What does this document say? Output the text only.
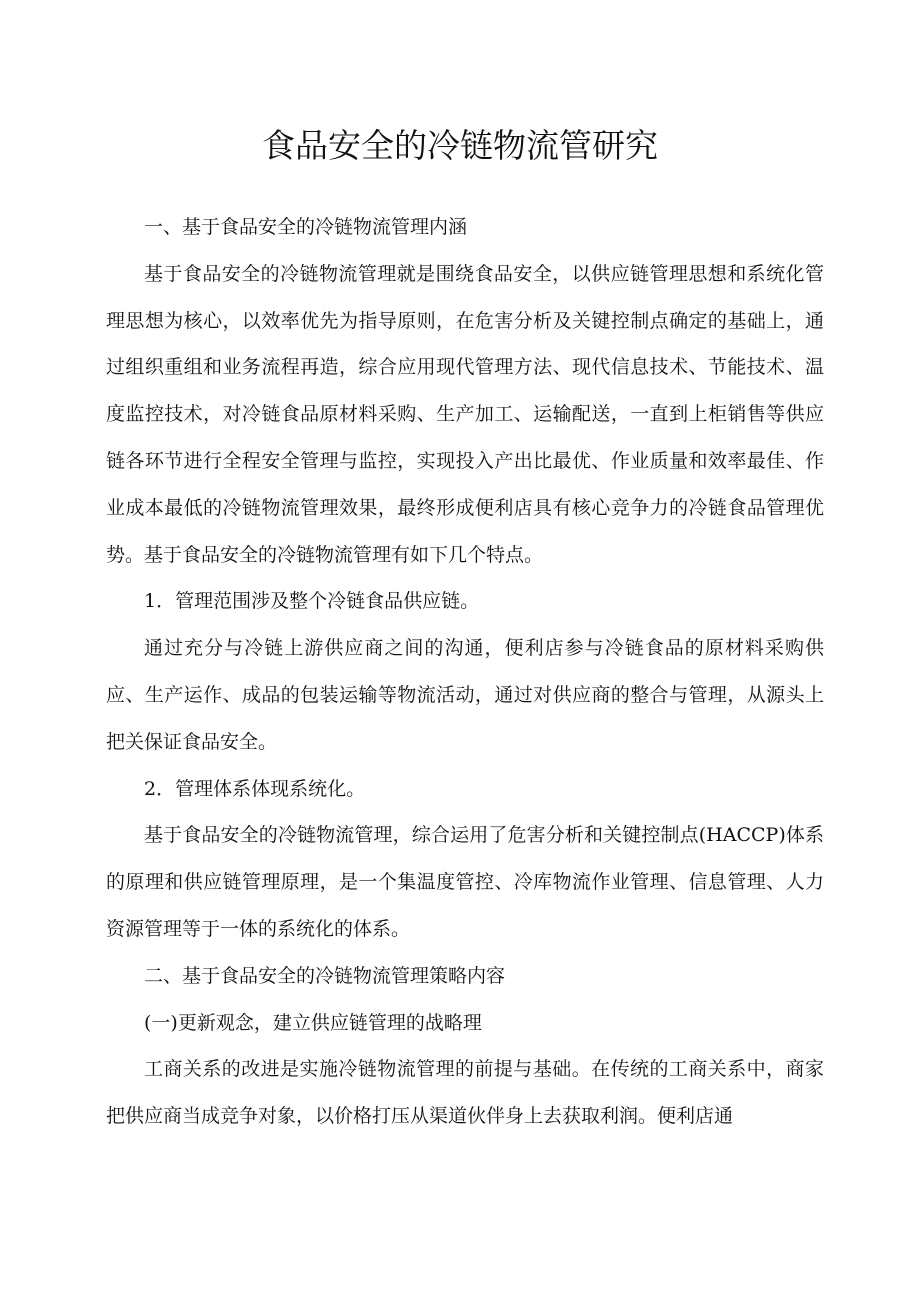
食品安全的冷链物流管研究

一、基于食品安全的冷链物流管理内涵

基于食品安全的冷链物流管理就是围绕食品安全，以供应链管理思想和系统化管理思想为核心，以效率优先为指导原则，在危害分析及关键控制点确定的基础上，通过组织重组和业务流程再造，综合应用现代管理方法、现代信息技术、节能技术、温度监控技术，对冷链食品原材料采购、生产加工、运输配送，一直到上柜销售等供应链各环节进行全程安全管理与监控，实现投入产出比最优、作业质量和效率最佳、作业成本最低的冷链物流管理效果，最终形成便利店具有核心竞争力的冷链食品管理优势。基于食品安全的冷链物流管理有如下几个特点。

1．管理范围涉及整个冷链食品供应链。

通过充分与冷链上游供应商之间的沟通，便利店参与冷链食品的原材料采购供应、生产运作、成品的包装运输等物流活动，通过对供应商的整合与管理，从源头上把关保证食品安全。

2．管理体系体现系统化。

基于食品安全的冷链物流管理，综合运用了危害分析和关键控制点(HACCP)体系的原理和供应链管理原理，是一个集温度管控、冷库物流作业管理、信息管理、人力资源管理等于一体的系统化的体系。

二、基于食品安全的冷链物流管理策略内容

(一)更新观念，建立供应链管理的战略理

工商关系的改进是实施冷链物流管理的前提与基础。在传统的工商关系中，商家把供应商当成竞争对象，以价格打压从渠道伙伴身上去获取利润。便利店通
